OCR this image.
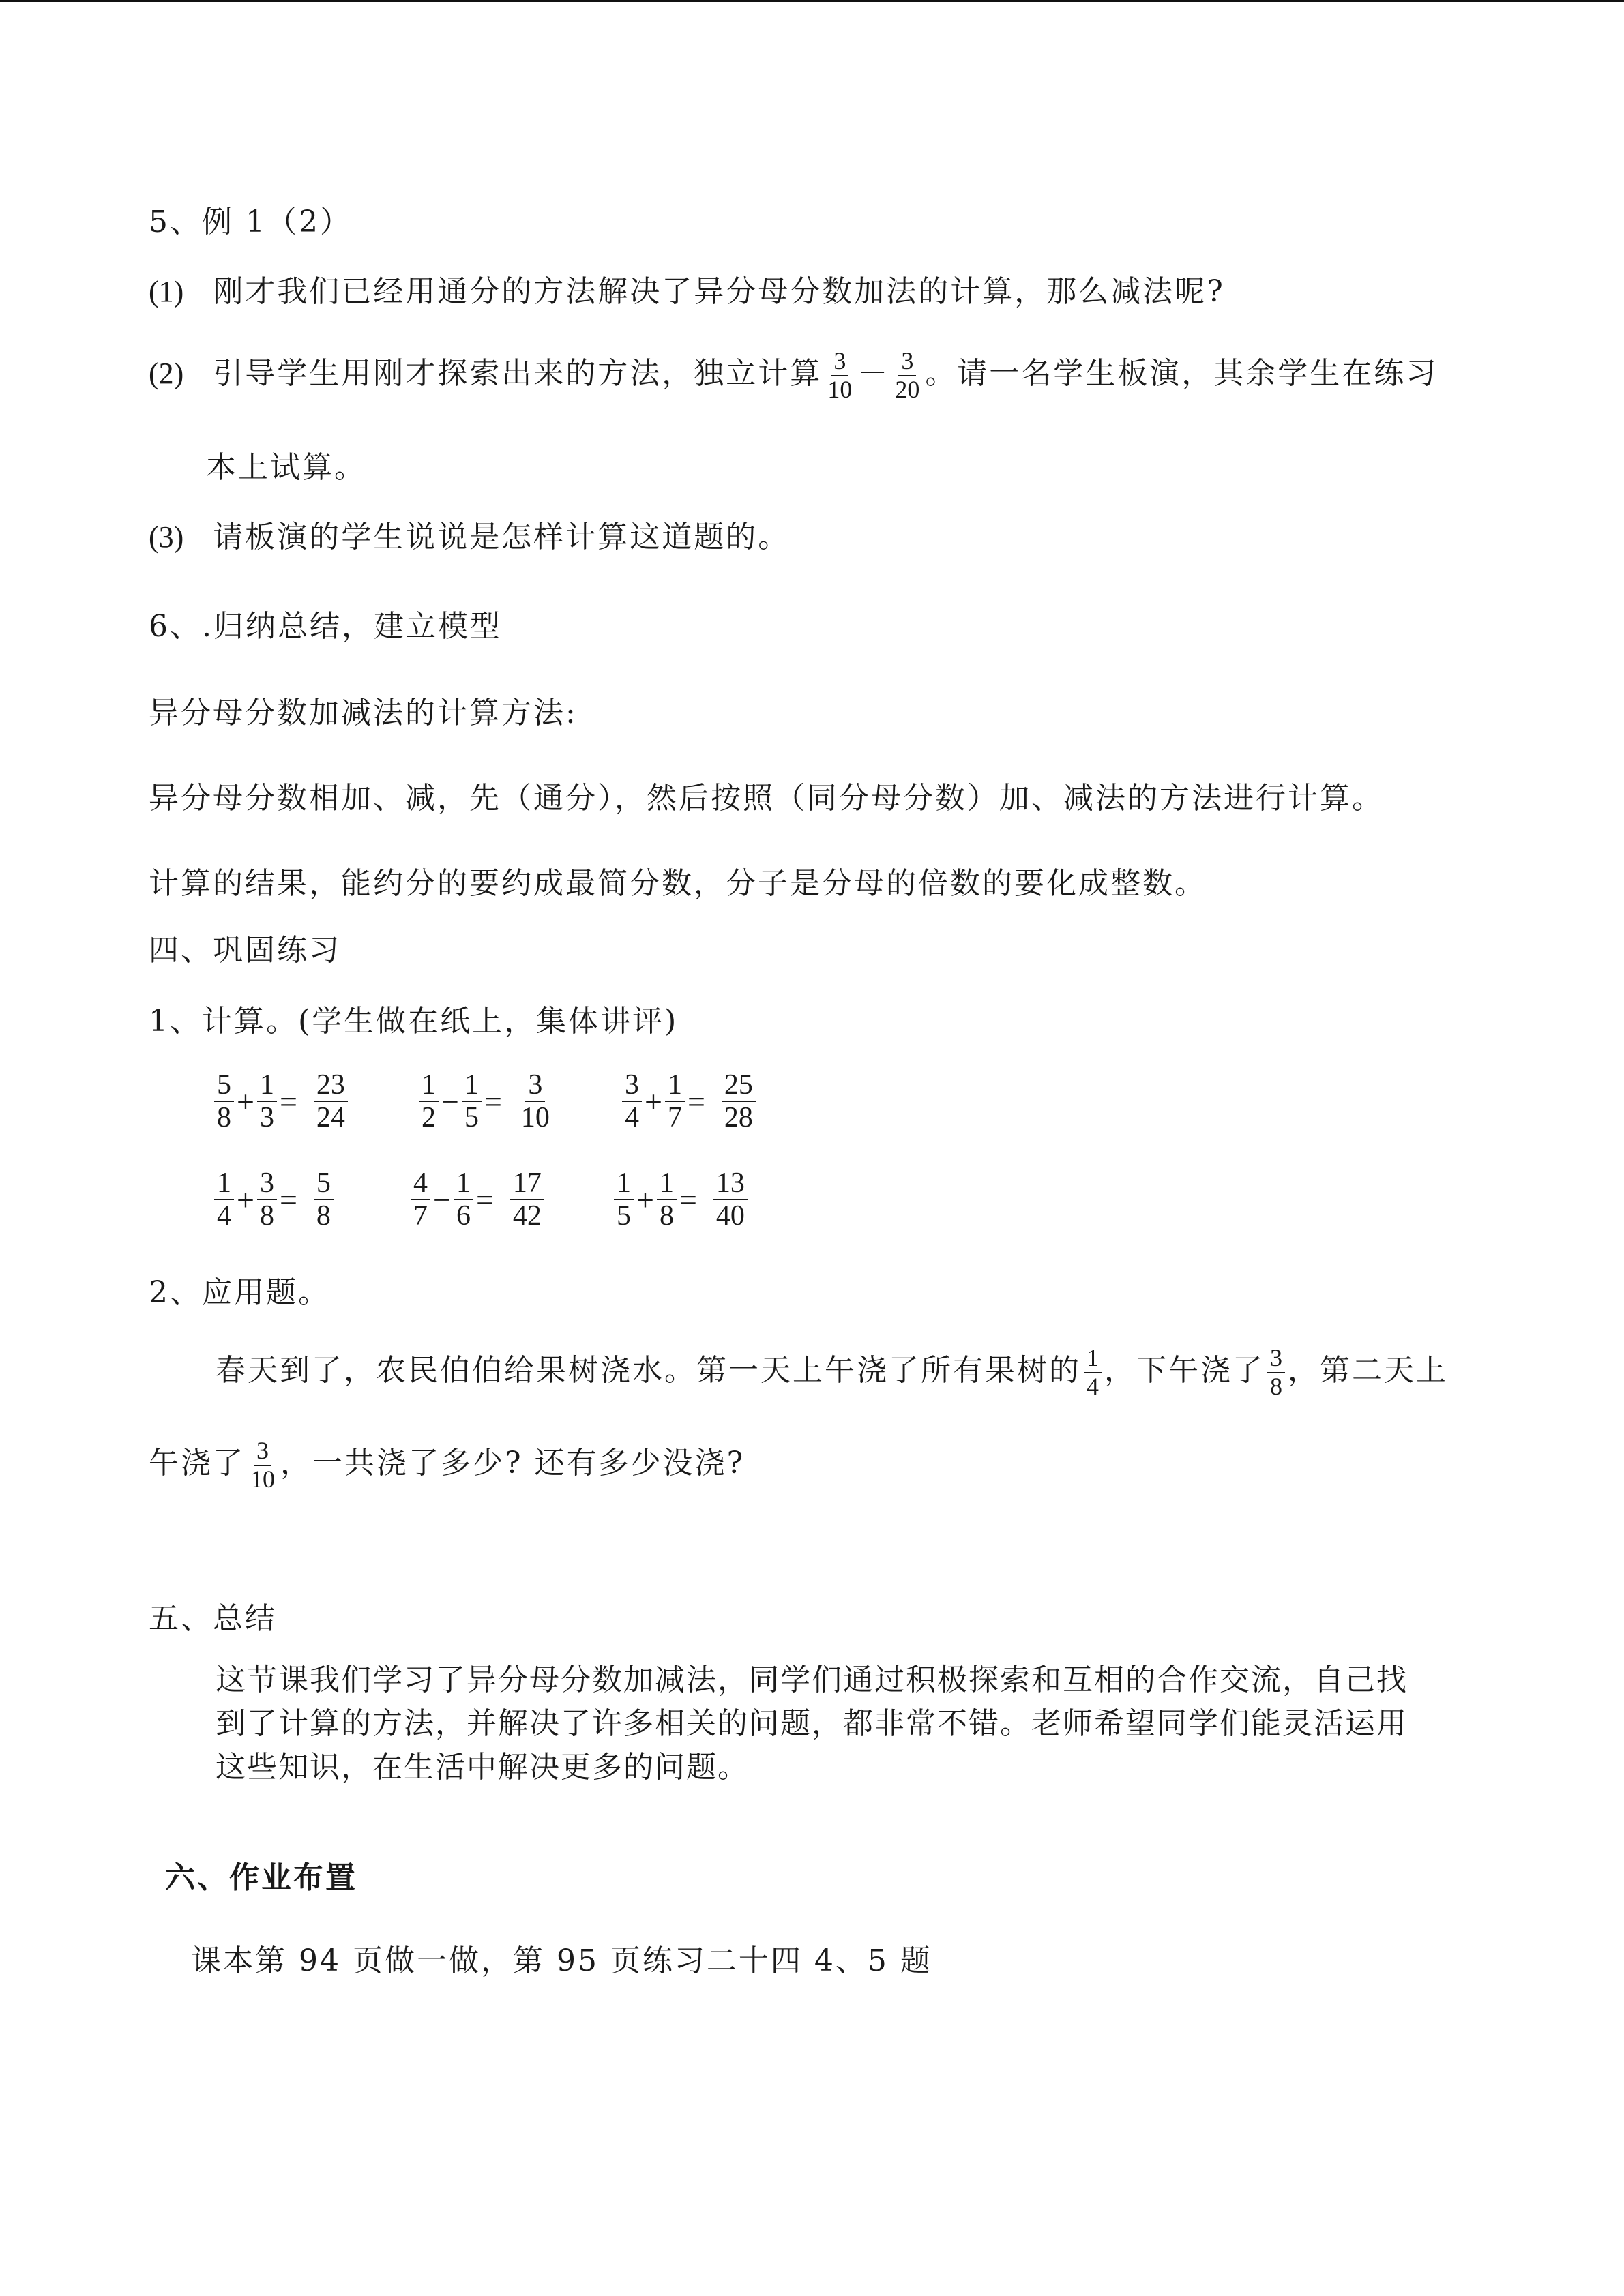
5、例 1（2）
(1) 刚才我们已经用通分的方法解决了异分母分数加法的计算，那么减法呢?
(2) 引导学生用刚才探索出来的方法，独立计算 $\frac{3}{10} - \frac{3}{20}$ 。请一名学生板演，其余学生在练习
本上试算。
(3) 请板演的学生说说是怎样计算这道题的。
6、.归纳总结，建立模型
异分母分数加减法的计算方法:
异分母分数相加、减，先（通分），然后按照（同分母分数）加、减法的方法进行计算。
计算的结果，能约分的要约成最简分数，分子是分母的倍数的要化成整数。
四、巩固练习
1、计算。(学生做在纸上，集体讲评)
$\frac{5}{8} + \frac{1}{3} = \frac{23}{24} \frac{1}{2} - \frac{1}{5} = \frac{3}{10} \frac{3}{4} + \frac{1}{7} = \frac{25}{28}$
$\frac{1}{4} + \frac{3}{8} = \frac{5}{8}$	$\frac{4}{7} - \frac{1}{6} = \frac{17}{42} \frac{1}{5} + \frac{1}{8} = \frac{13}{40}$
2、应用题。
春天到了，农民伯伯给果树浇水。第一天上午浇了所有果树的 $\frac{1}{4}$ ，下午浇了 $\frac{3}{8}$ ，第二天上
午浇了 $\frac{3}{10}$ ，一共浇了多少? 还有多少没浇?
五、总结
这节课我们学习了异分母分数加减法，同学们通过积极探索和互相的合作交流，自己找
到了计算的方法，并解决了许多相关的问题，都非常不错。老师希望同学们能灵活运用
这些知识，在生活中解决更多的问题。
六、作业布置
课本第 94 页做一做，第 95 页练习二十四 4、5 题
